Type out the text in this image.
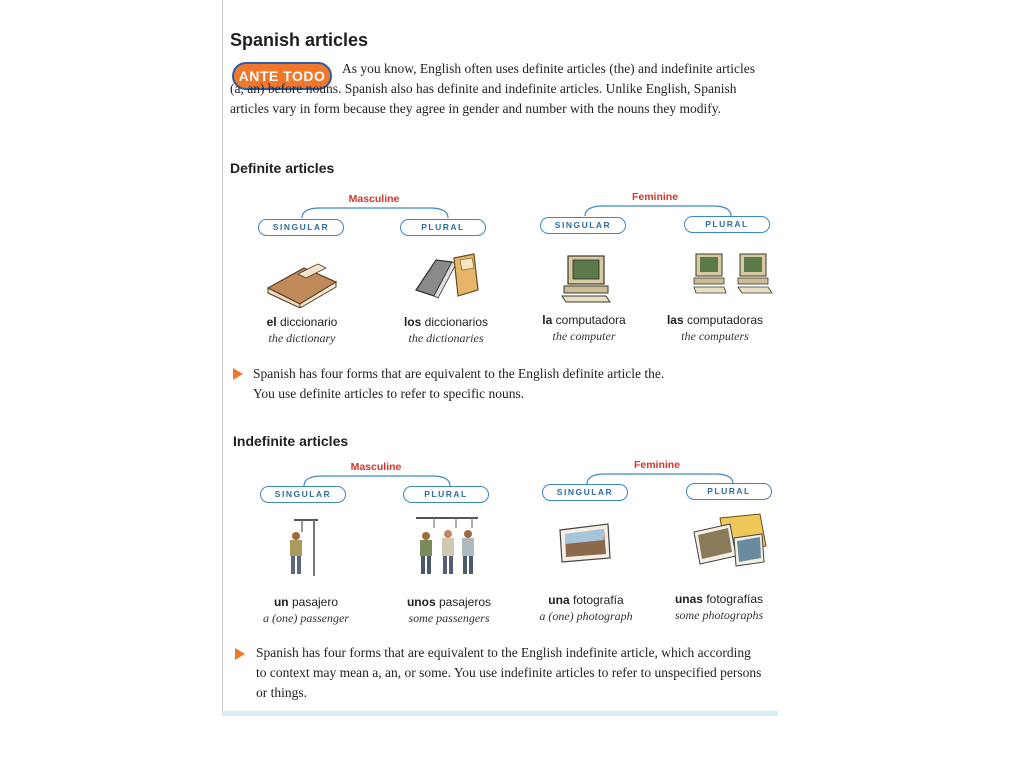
Spanish articles
ANTE TODO	As you know, English often uses definite articles (the) and indefinite articles (a, an) before nouns. Spanish also has definite and indefinite articles. Unlike English, Spanish articles vary in form because they agree in gender and number with the nouns they modify.
Definite articles
Masculine
SINGULAR	PLURAL
Feminine
SINGULAR	PLURAL
el diccionario
the dictionary
los diccionarios
the dictionaries
la computadora
the computer
las computadoras
the computers
Spanish has four forms that are equivalent to the English definite article the.
You use definite articles to refer to specific nouns.
Indefinite articles
Masculine
SINGULAR	PLURAL
Feminine
SINGULAR	PLURAL
un pasajero
a (one) passenger
unos pasajeros
some passengers
una fotografía
a (one) photograph
unas fotografías
some photographs
Spanish has four forms that are equivalent to the English indefinite article, which according to context may mean a, an, or some. You use indefinite articles to refer to unspecified persons or things.
